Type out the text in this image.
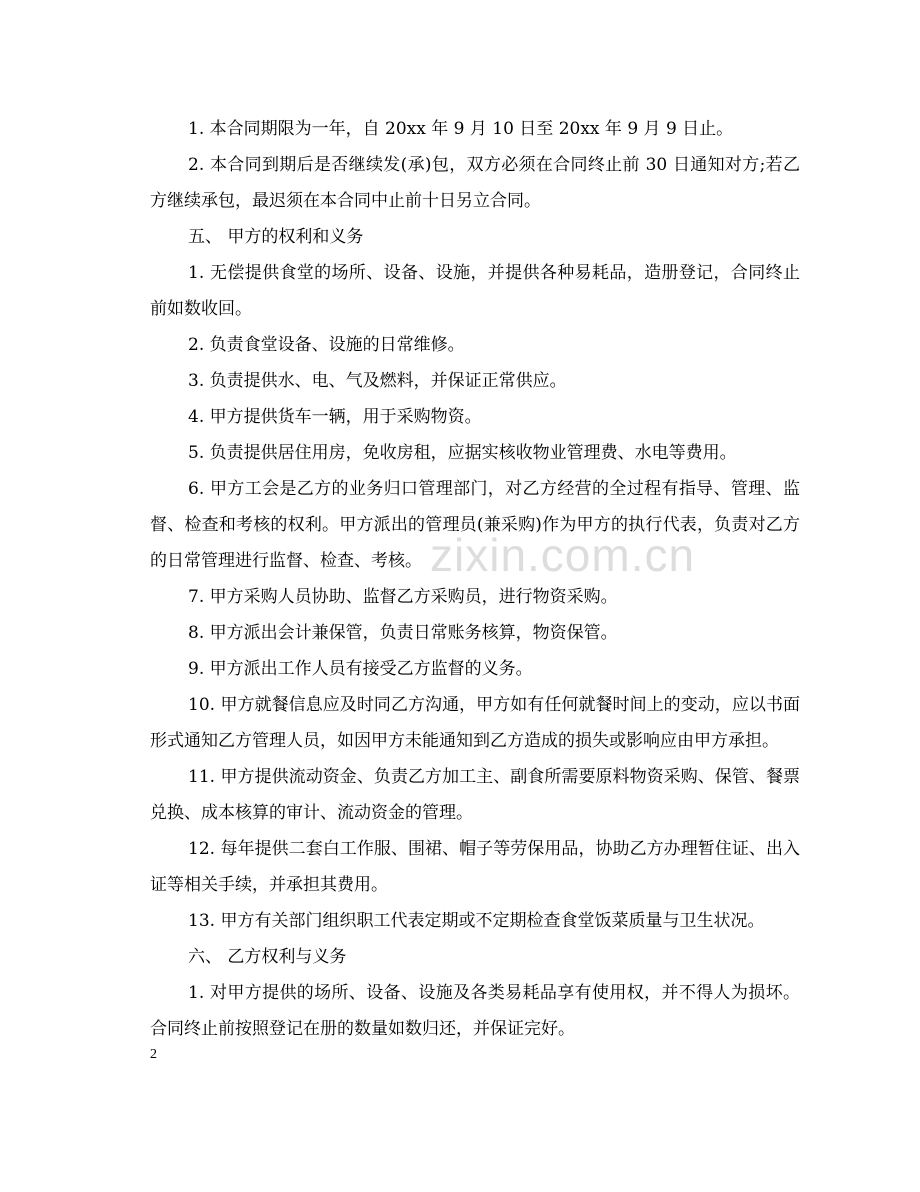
zixin.com.cn

1. 本合同期限为一年，自 20xx 年 9 月 10 日至 20xx 年 9 月 9 日止。

2. 本合同到期后是否继续发(承)包，双方必须在合同终止前 30 日通知对方;若乙方继续承包，最迟须在本合同中止前十日另立合同。

五、 甲方的权利和义务

1. 无偿提供食堂的场所、设备、设施，并提供各种易耗品，造册登记，合同终止前如数收回。

2. 负责食堂设备、设施的日常维修。

3. 负责提供水、电、气及燃料，并保证正常供应。

4. 甲方提供货车一辆，用于采购物资。

5. 负责提供居住用房，免收房租，应据实核收物业管理费、水电等费用。

6. 甲方工会是乙方的业务归口管理部门，对乙方经营的全过程有指导、管理、监督、检查和考核的权利。甲方派出的管理员(兼采购)作为甲方的执行代表，负责对乙方的日常管理进行监督、检查、考核。

7. 甲方采购人员协助、监督乙方采购员，进行物资采购。

8. 甲方派出会计兼保管，负责日常账务核算，物资保管。

9. 甲方派出工作人员有接受乙方监督的义务。

10. 甲方就餐信息应及时同乙方沟通，甲方如有任何就餐时间上的变动，应以书面形式通知乙方管理人员，如因甲方未能通知到乙方造成的损失或影响应由甲方承担。

11. 甲方提供流动资金、负责乙方加工主、副食所需要原料物资采购、保管、餐票兑换、成本核算的审计、流动资金的管理。

12. 每年提供二套白工作服、围裙、帽子等劳保用品，协助乙方办理暂住证、出入证等相关手续，并承担其费用。

13. 甲方有关部门组织职工代表定期或不定期检查食堂饭菜质量与卫生状况。

六、 乙方权利与义务

1. 对甲方提供的场所、设备、设施及各类易耗品享有使用权，并不得人为损坏。合同终止前按照登记在册的数量如数归还，并保证完好。

2
